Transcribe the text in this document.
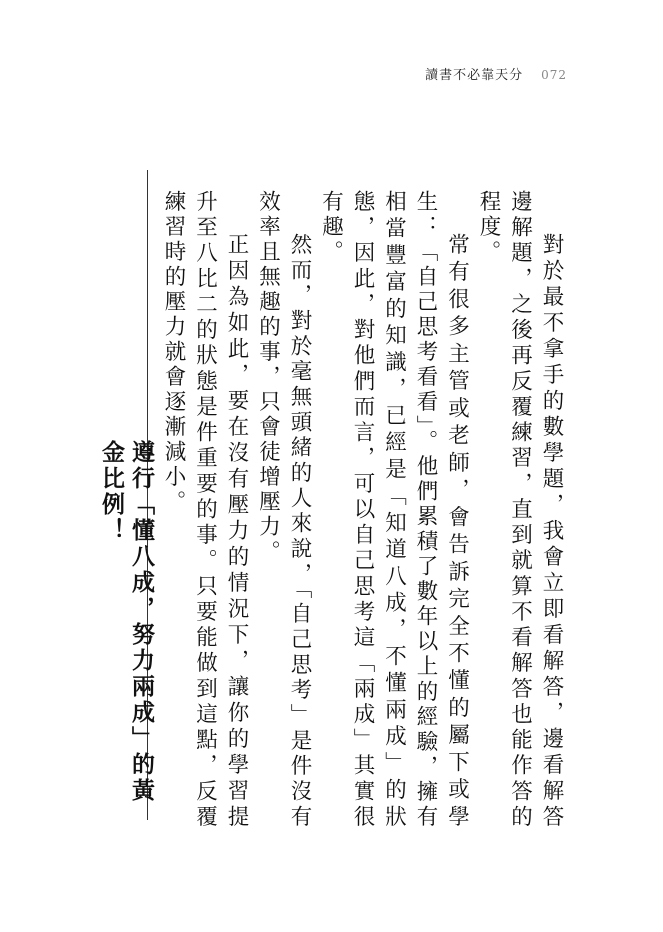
讀書不必靠天分 072

對於最不拿手的數學題，我會立即看解答，邊看解答邊解題，之後再反覆練習，直到就算不看解答也能作答的程度。

常有很多主管或老師，會告訴完全不懂的屬下或學生：「自己思考看看」。他們累積了數年以上的經驗，擁有相當豐富的知識，已經是「知道八成，不懂兩成」的狀態，因此，對他們而言，可以自己思考這「兩成」其實很有趣。

然而，對於毫無頭緒的人來說，「自己思考」是件沒有效率且無趣的事，只會徒增壓力。

正因為如此，要在沒有壓力的情況下，讓你的學習提升至八比二的狀態是件重要的事。只要能做到這點，反覆練習時的壓力就會逐漸減小。

遵行「懂八成，努力兩成」的黃金比例！
